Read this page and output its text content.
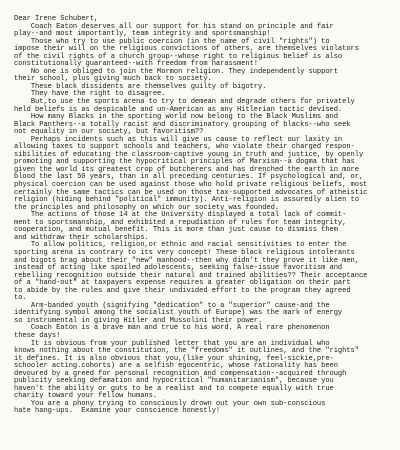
Dear Irene Schubert,
Coach Eaton deserves all our support for his stand on principle and fair
play--and most importantly, team integrity and sportsmanship!
Those who try to use public coercion (in the name of civil "rights") to
impose their will on the religious convictions of others, are themselves violators
of the civil rights of a church group--whose right to religious belief is also
constitutionally guaranteed--with freedom from harassment!
No one is obliged to join the Mormon religion. They independently support
their school, plus giving much back to society.
These black dissidents are themselves guilty of bigotry.
They have the right to disagree.
But,to use the sports arena to try to demean and degrade others for privately
held beliefs is as despicable and un-American as any Hitlerian tactic devised.
How many Blacks in the sporting world now belong to the Black Muslims and
Black Panthers--a totally racist and discriminatory grouping of blacks--who seek
not equality in our society, but favoritism??
Perhaps incidents such as this will give us cause to reflect our laxity in
allowing taxes to support schools and teachers, who violate their charged respon-
sibilities of educating the classroom-captive young in truth and justice, by openly
promoting and supporting the hypocritical principles of Marxism--a dogma that has
given the world its greatest crop of butcherers and has drenched the earth in more
blood the last 50 years, than in all preceding centuries. If psychological and, or,
physical coercion can be used against those who hold private religious beliefs, most
certainly the same tactics can be used on those tax-supported advocates of atheistic
religion (hiding behind "political" immunity). Anti-religion is assuredly alien to
the principles and philosophy on which our society was founded.
The actions of those 14 at the University displayed a total lack of commit-
ment to sportsmanship, and exhibited a repudiation of rules for team integrity,
cooperation, and mutual benefit. This is more than just cause to dismiss them
and withdraw their scholarships.
To allow politics, religion,or ethnic and racial sensitivities to enter the
sporting arena is contrary to its very concept! These black religious intolerants
and bigots brag about their "new" manhood--then why didn't they prove it like men,
instead of acting like spoiled adolescents, seeking false-issue favoritism and
rebelling recognition outside their natural and trained abilities?? Their acceptance
of a "hand-out" at taxpayers expense requires a greater obligation on their part
to abide by the rules and give their undivided effort to the program they agreed
to.
Arm-banded youth (signifying "dedication" to a "superior" cause-and the
identifying symbol among the socialist youth of Europe) was the mark of energy
so instrumental in giving Hitler and Mussolini their power.
Coach Eaton is a brave man and true to his word. A real rare phenomenon
these days!
It is obvious from your published letter that you are an individual who
knows nothing about the constitution, the "freedoms" it outlines, and the "rights"
it defines. It is also obvious that you,(like your shining, feel-sickie,pre-
schooler acting.cohorts) are a selfish egocentric, whose rationality has been
devoured by a greed for personal recognition and compensation--acquired through
publicity seeking defamation and hypocritical "humanitarianism", because you
haven't the ability or guts to be a realist and to compete equally with true
charity toward your fellow humans.
You are a phony trying to consciously drown out your own sub-conscious
hate hang-ups.  Examine your conscience honestly!
